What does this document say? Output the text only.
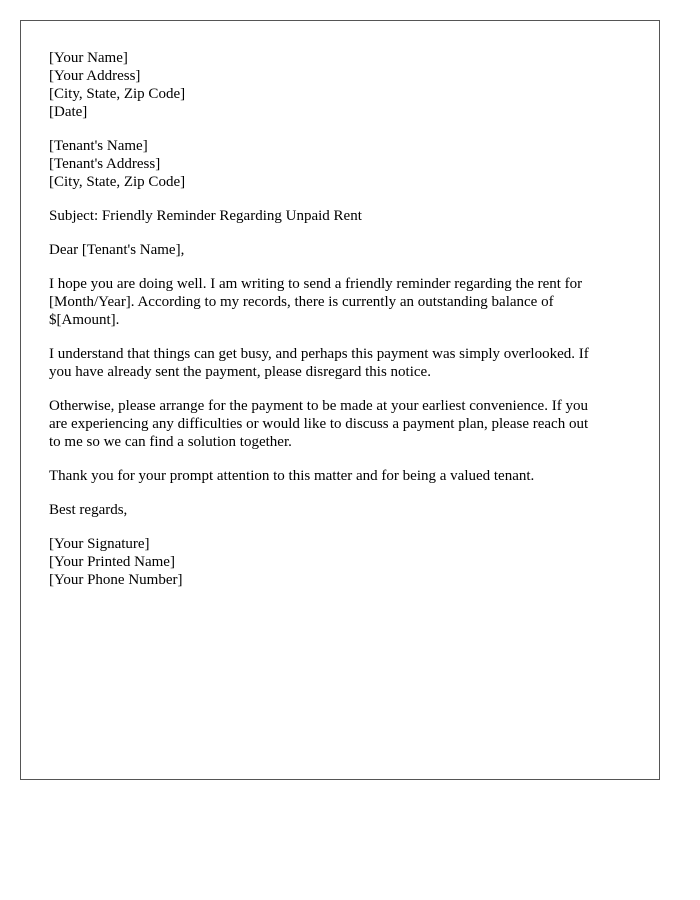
[Your Name]
[Your Address]
[City, State, Zip Code]
[Date]
[Tenant's Name]
[Tenant's Address]
[City, State, Zip Code]

Subject: Friendly Reminder Regarding Unpaid Rent

Dear [Tenant's Name],

I hope you are doing well. I am writing to send a friendly reminder regarding the rent for
[Month/Year]. According to my records, there is currently an outstanding balance of
$[Amount].

I understand that things can get busy, and perhaps this payment was simply overlooked. If
you have already sent the payment, please disregard this notice.

Otherwise, please arrange for the payment to be made at your earliest convenience. If you
are experiencing any difficulties or would like to discuss a payment plan, please reach out
to me so we can find a solution together.

Thank you for your prompt attention to this matter and for being a valued tenant.

Best regards,

[Your Signature]
[Your Printed Name]
[Your Phone Number]
